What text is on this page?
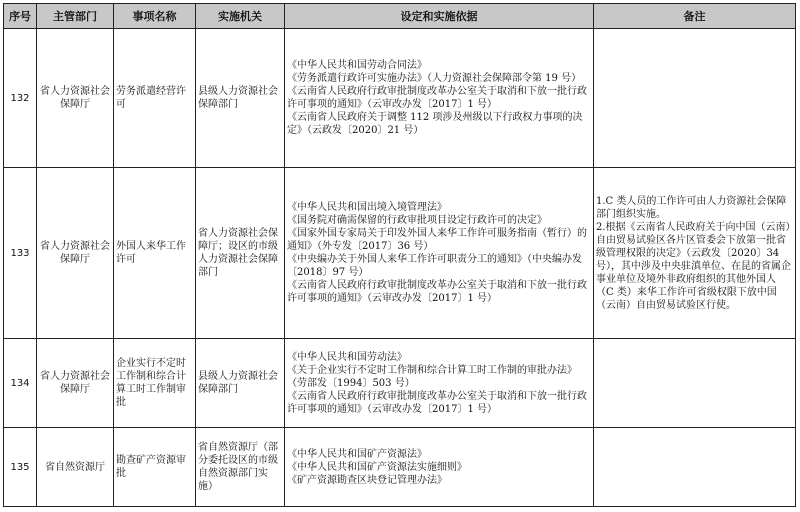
序号	主管部门	事项名称	实施机关	设定和实施依据	备注
132	省人力资源社会保障厅	劳务派遣经营许可	县级人力资源社会保障部门	《中华人民共和国劳动合同法》
《劳务派遣行政许可实施办法》（人力资源社会保障部令第 19 号）
《云南省人民政府行政审批制度改革办公室关于取消和下放一批行政许可事项的通知》（云审改办发〔2017〕1 号）
《云南省人民政府关于调整 112 项涉及州级以下行政权力事项的决定》（云政发〔2020〕21 号）	

133	省人力资源社会保障厅	外国人来华工作许可	省人力资源社会保障厅；设区的市级人力资源社会保障部门	《中华人民共和国出境入境管理法》
《国务院对确需保留的行政审批项目设定行政许可的决定》
《国家外国专家局关于印发外国人来华工作许可服务指南（暂行）的通知》（外专发〔2017〕36 号）
《中央编办关于外国人来华工作许可职责分工的通知》（中央编办发〔2018〕97 号）
《云南省人民政府行政审批制度改革办公室关于取消和下放一批行政许可事项的通知》（云审改办发〔2017〕1 号）	1.C 类人员的工作许可由人力资源社会保障部门组织实施。
2.根据《云南省人民政府关于向中国（云南）自由贸易试验区各片区管委会下放第一批省级管理权限的决定》（云政发〔2020〕34 号），其中涉及中央驻滇单位、在昆的省属企事业单位及境外非政府组织的其他外国人（C 类）来华工作许可省级权限下放中国（云南）自由贸易试验区行使。

134	省人力资源社会保障厅	企业实行不定时工作制和综合计算工时工作制审批	县级人力资源社会保障部门	《中华人民共和国劳动法》
《关于企业实行不定时工作制和综合计算工时工作制的审批办法》（劳部发〔1994〕503 号）
《云南省人民政府行政审批制度改革办公室关于取消和下放一批行政许可事项的通知》（云审改办发〔2017〕1 号）	

135	省自然资源厅	勘查矿产资源审批	省自然资源厅（部分委托设区的市级自然资源部门实施）	《中华人民共和国矿产资源法》
《中华人民共和国矿产资源法实施细则》
《矿产资源勘查区块登记管理办法》	
